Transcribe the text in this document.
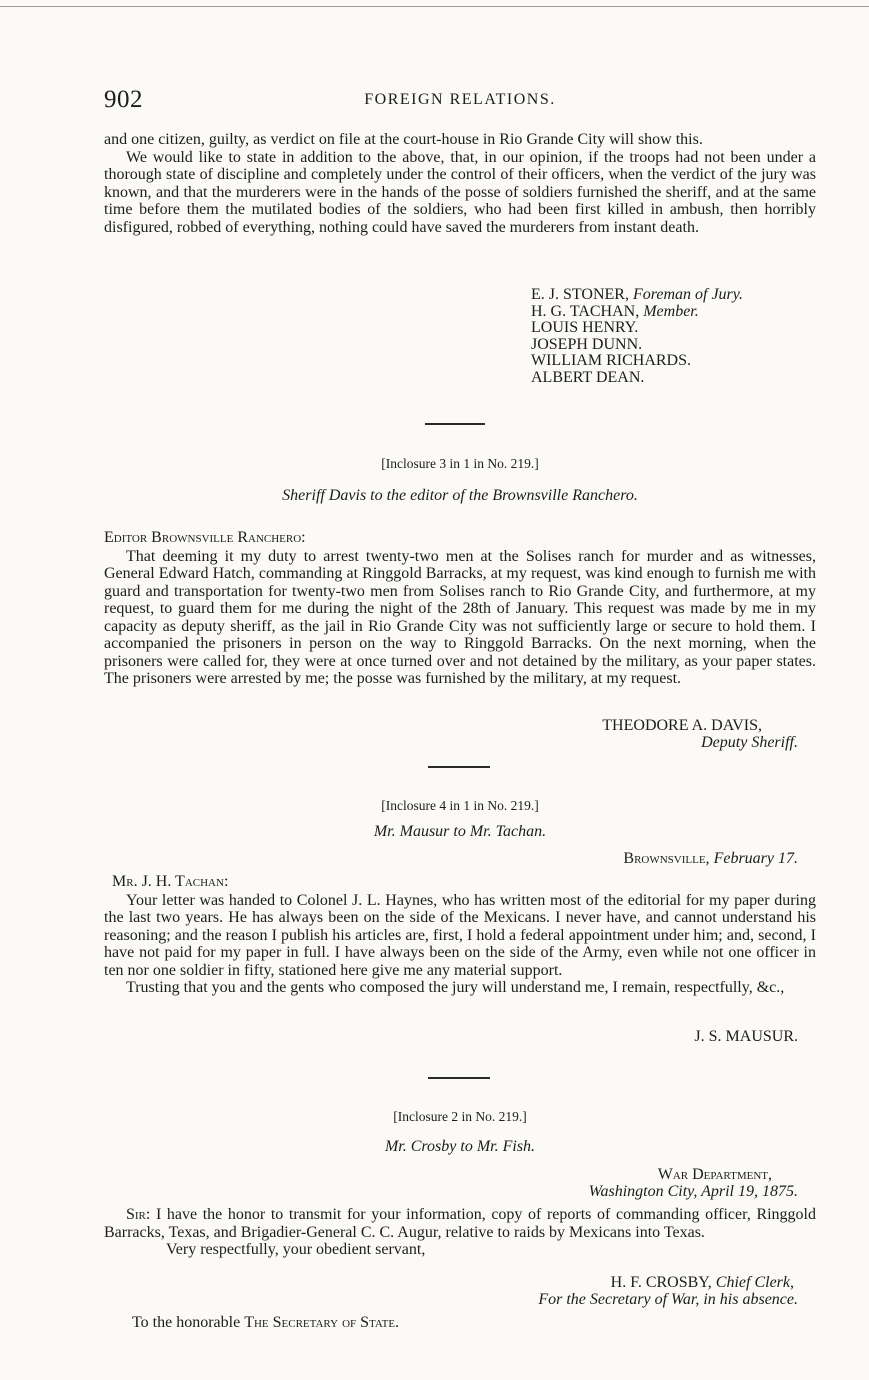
902	FOREIGN RELATIONS.

and one citizen, guilty, as verdict on file at the court-house in Rio Grande City will show this.

We would like to state in addition to the above, that, in our opinion, if the troops had not been under a thorough state of discipline and completely under the control of their officers, when the verdict of the jury was known, and that the murderers were in the hands of the posse of soldiers furnished the sheriff, and at the same time before them the mutilated bodies of the soldiers, who had been first killed in ambush, then horribly disfigured, robbed of everything, nothing could have saved the murderers from instant death.

E. J. STONER, Foreman of Jury.
H. G. TACHAN, Member.
LOUIS HENRY.
JOSEPH DUNN.
WILLIAM RICHARDS.
ALBERT DEAN.
[Inclosure 3 in 1 in No. 219.]
Sheriff Davis to the editor of the Brownsville Ranchero.
Editor Brownsville Ranchero:

That deeming it my duty to arrest twenty-two men at the Solises ranch for murder and as witnesses, General Edward Hatch, commanding at Ringgold Barracks, at my request, was kind enough to furnish me with guard and transportation for twenty-two men from Solises ranch to Rio Grande City, and furthermore, at my request, to guard them for me during the night of the 28th of January. This request was made by me in my capacity as deputy sheriff, as the jail in Rio Grande City was not sufficiently large or secure to hold them. I accompanied the prisoners in person on the way to Ringgold Barracks. On the next morning, when the prisoners were called for, they were at once turned over and not detained by the military, as your paper states. The prisoners were arrested by me; the posse was furnished by the military, at my request.

THEODORE A. DAVIS,
Deputy Sheriff.
[Inclosure 4 in 1 in No. 219.]
Mr. Mausur to Mr. Tachan.
Brownsville, February 17.
Mr. J. H. Tachan:

Your letter was handed to Colonel J. L. Haynes, who has written most of the editorial for my paper during the last two years. He has always been on the side of the Mexicans. I never have, and cannot understand his reasoning; and the reason I publish his articles are, first, I hold a federal appointment under him; and, second, I have not paid for my paper in full. I have always been on the side of the Army, even while not one officer in ten nor one soldier in fifty, stationed here give me any material support.

Trusting that you and the gents who composed the jury will understand me, I remain, respectfully, &c.,

J. S. MAUSUR.
[Inclosure 2 in No. 219.]
Mr. Crosby to Mr. Fish.
War Department,
Washington City, April 19, 1875.

Sir: I have the honor to transmit for your information, copy of reports of commanding officer, Ringgold Barracks, Texas, and Brigadier-General C. C. Augur, relative to raids by Mexicans into Texas.

Very respectfully, your obedient servant,
H. F. CROSBY, Chief Clerk,
For the Secretary of War, in his absence.
To the honorable The Secretary of State.
